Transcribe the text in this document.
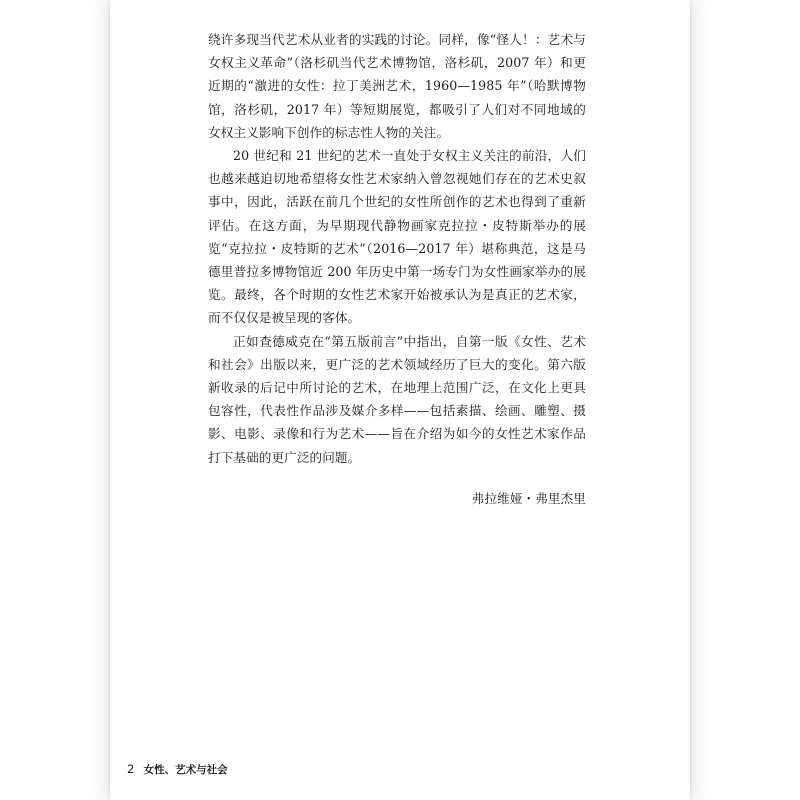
绕许多现当代艺术从业者的实践的讨论。同样，像“怪人！：艺术与女权主义革命”（洛杉矶当代艺术博物馆，洛杉矶，2007 年）和更近期的“激进的女性：拉丁美洲艺术，1960—1985 年”（哈默博物馆，洛杉矶，2017 年）等短期展览，都吸引了人们对不同地域的女权主义影响下创作的标志性人物的关注。

20 世纪和 21 世纪的艺术一直处于女权主义关注的前沿，人们也越来越迫切地希望将女性艺术家纳入曾忽视她们存在的艺术史叙事中，因此，活跃在前几个世纪的女性所创作的艺术也得到了重新评估。在这方面，为早期现代静物画家克拉拉・皮特斯举办的展览“克拉拉・皮特斯的艺术”（2016—2017 年）堪称典范，这是马德里普拉多博物馆近 200 年历史中第一场专门为女性画家举办的展览。最终，各个时期的女性艺术家开始被承认为是真正的艺术家，而不仅仅是被呈现的客体。

正如查德威克在“第五版前言”中指出，自第一版《女性、艺术和社会》出版以来，更广泛的艺术领域经历了巨大的变化。第六版新收录的后记中所讨论的艺术，在地理上范围广泛，在文化上更具包容性，代表性作品涉及媒介多样——包括素描、绘画、雕塑、摄影、电影、录像和行为艺术——旨在介绍为如今的女性艺术家作品打下基础的更广泛的问题。

弗拉维娅・弗里杰里
2 女性、艺术与社会
